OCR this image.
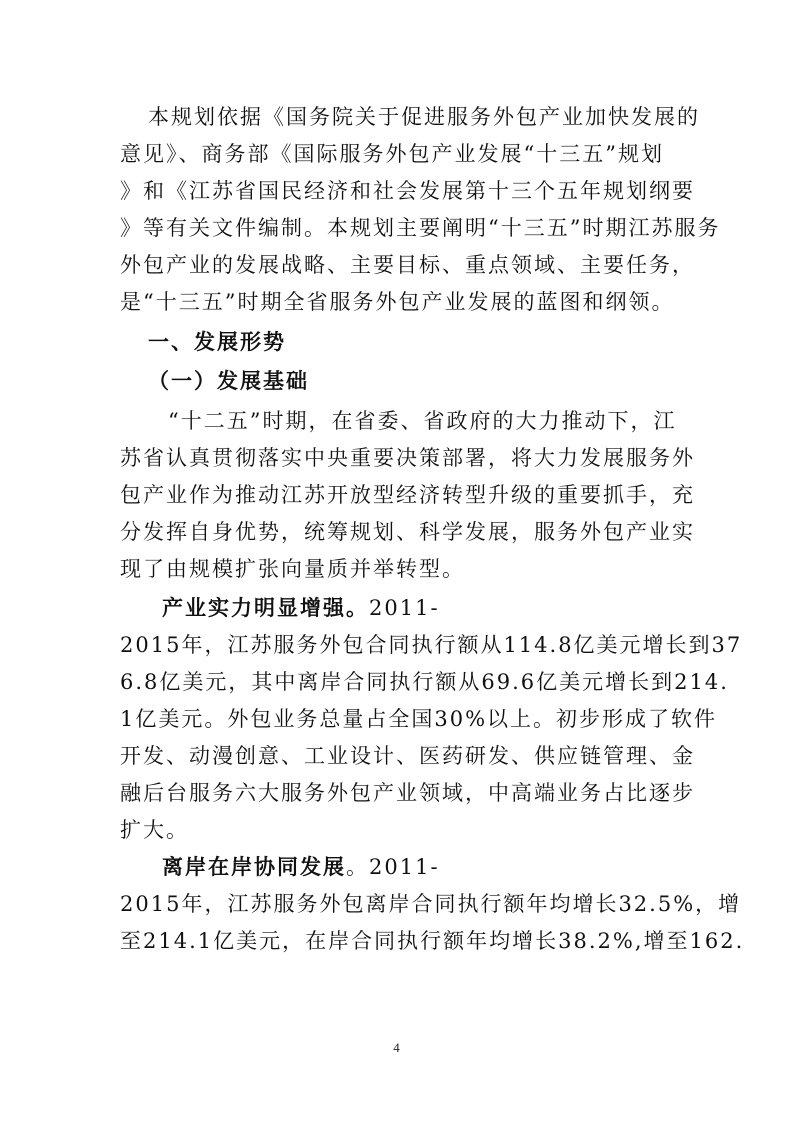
本规划依据《国务院关于促进服务外包产业加快发展的
意见》、商务部《国际服务外包产业发展“十三五”规划
》和《江苏省国民经济和社会发展第十三个五年规划纲要
》等有关文件编制。本规划主要阐明“十三五”时期江苏服务
外包产业的发展战略、主要目标、重点领域、主要任务，
是“十三五”时期全省服务外包产业发展的蓝图和纲领。
一、发展形势
（一）发展基础
“十二五”时期，在省委、省政府的大力推动下，江
苏省认真贯彻落实中央重要决策部署，将大力发展服务外
包产业作为推动江苏开放型经济转型升级的重要抓手，充
分发挥自身优势，统筹规划、科学发展，服务外包产业实
现了由规模扩张向量质并举转型。
产业实力明显增强。2011-
2015年，江苏服务外包合同执行额从114.8亿美元增长到37
6.8亿美元，其中离岸合同执行额从69.6亿美元增长到214.
1亿美元。外包业务总量占全国30%以上。初步形成了软件
开发、动漫创意、工业设计、医药研发、供应链管理、金
融后台服务六大服务外包产业领域，中高端业务占比逐步
扩大。
离岸在岸协同发展。2011-
2015年，江苏服务外包离岸合同执行额年均增长32.5%，增
至214.1亿美元，在岸合同执行额年均增长38.2%,增至162.
4
